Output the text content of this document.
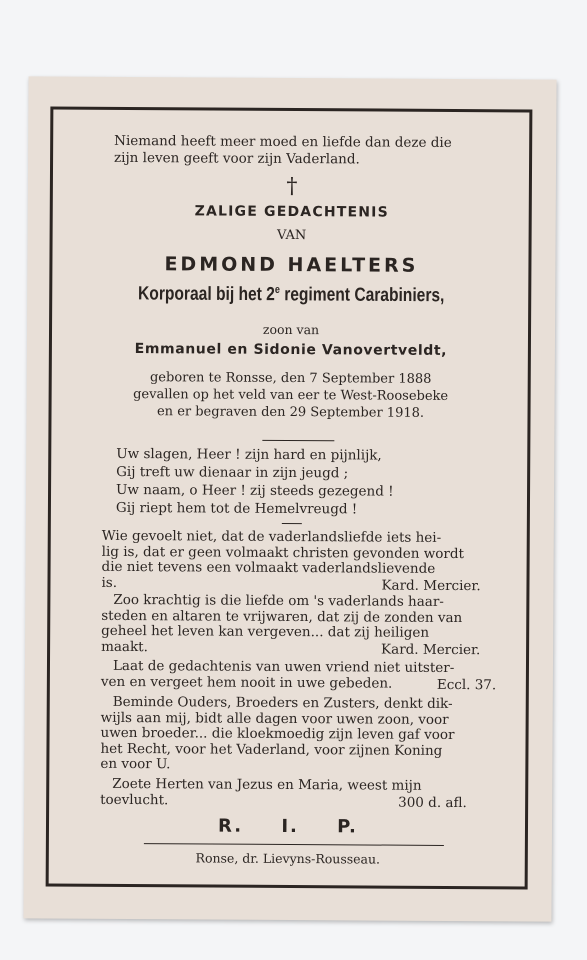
Niemand heeft meer moed en liefde dan deze die
zijn leven geeft voor zijn Vaderland.
†
ZALIGE GEDACHTENIS
VAN
EDMOND HAELTERS
Korporaal bij het 2e regiment Carabiniers,
zoon van
Emmanuel en Sidonie Vanovertveldt,
geboren te Ronsse, den 7 September 1888
gevallen op het veld van eer te West-Roosebeke
en er begraven den 29 September 1918.
Uw slagen, Heer ! zijn hard en pijnlijk,
Gij treft uw dienaar in zijn jeugd ;
Uw naam, o Heer ! zij steeds gezegend !
Gij riept hem tot de Hemelvreugd !
Wie gevoelt niet, dat de vaderlandsliefde iets hei-
lig is, dat er geen volmaakt christen gevonden wordt
die niet tevens een volmaakt vaderlandslievende
is.	Kard. Mercier.
Zoo krachtig is die liefde om 's vaderlands haar-
steden en altaren te vrijwaren, dat zij de zonden van
geheel het leven kan vergeven... dat zij heiligen
maakt.	Kard. Mercier.
Laat de gedachtenis van uwen vriend niet uitster-
ven en vergeet hem nooit in uwe gebeden.	Eccl. 37.
Beminde Ouders, Broeders en Zusters, denkt dik-
wijls aan mij, bidt alle dagen voor uwen zoon, voor
uwen broeder... die kloekmoedig zijn leven gaf voor
het Recht, voor het Vaderland, voor zijnen Koning
en voor U.
Zoete Herten van Jezus en Maria, weest mijn
toevlucht.	300 d. afl.
R. I. P.
Ronse, dr. Lievyns-Rousseau.
